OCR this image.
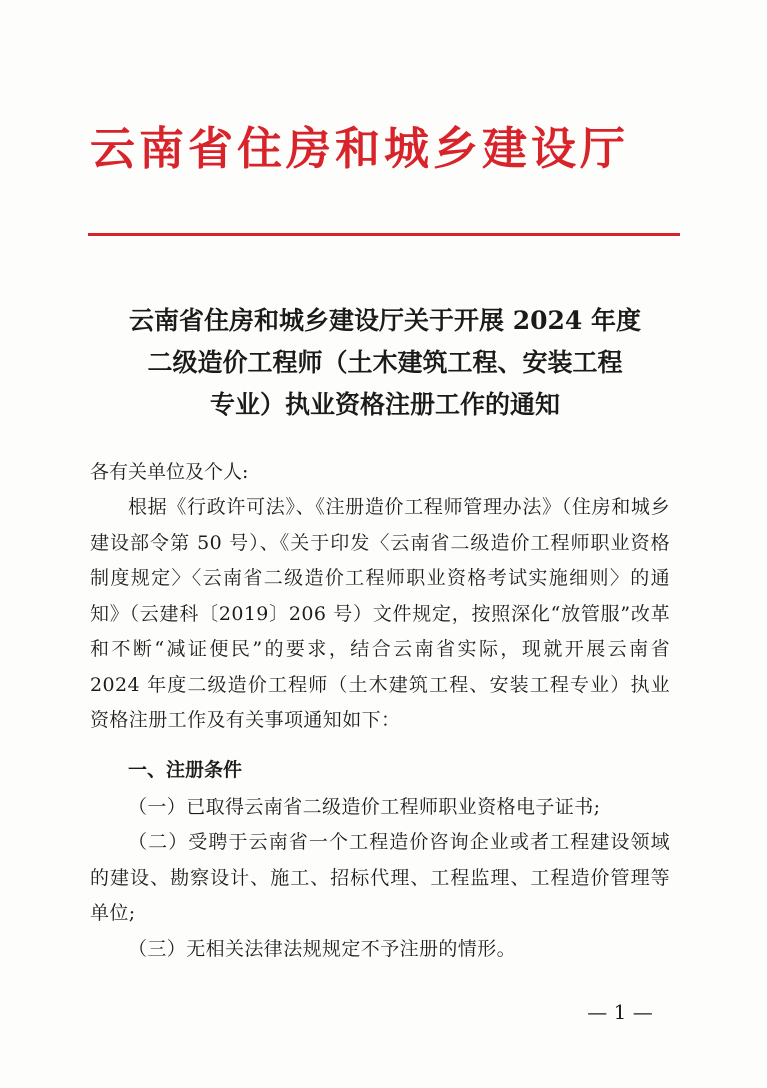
云南省住房和城乡建设厅
云南省住房和城乡建设厅关于开展 2024 年度
二级造价工程师（土木建筑工程、安装工程
专业）执业资格注册工作的通知
各有关单位及个人:
根据《行政许可法》、《注册造价工程师管理办法》（住房和城乡建设部令第 50 号）、《关于印发〈云南省二级造价工程师职业资格制度规定〉〈云南省二级造价工程师职业资格考试实施细则〉的通知》（云建科〔2019〕206 号）文件规定，按照深化“放管服”改革和不断“减证便民”的要求，结合云南省实际，现就开展云南省 2024 年度二级造价工程师（土木建筑工程、安装工程专业）执业资格注册工作及有关事项通知如下：
一、注册条件
（一）已取得云南省二级造价工程师职业资格电子证书;
（二）受聘于云南省一个工程造价咨询企业或者工程建设领域的建设、勘察设计、施工、招标代理、工程监理、工程造价管理等单位;
（三）无相关法律法规规定不予注册的情形。
— 1 —
